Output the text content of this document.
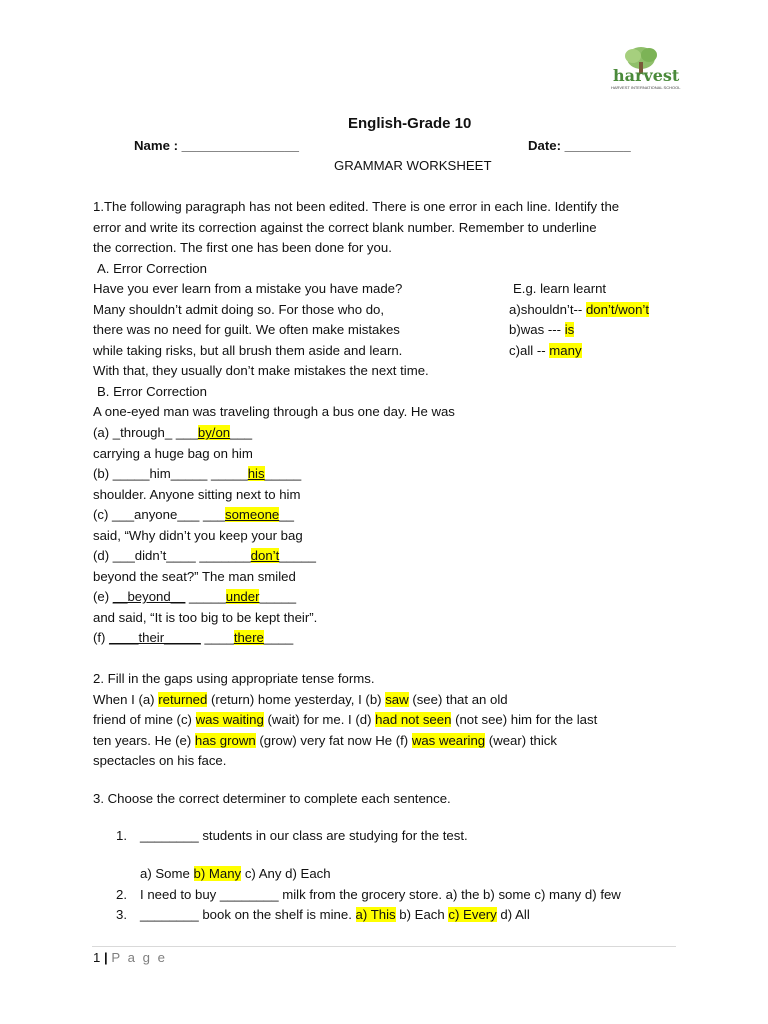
harvest
HARVEST INTERNATIONAL SCHOOL
English-Grade 10
Name : ________________	Date: _________
GRAMMAR WORKSHEET
1.The following paragraph has not been edited. There is one error in each line. Identify the
error and write its correction against the correct blank number. Remember to underline
the correction. The first one has been done for you.
A. Error Correction
Have you ever learn from a mistake you have made?
Many shouldn’t admit doing so. For those who do,
there was no need for guilt. We often make mistakes
while taking risks, but all brush them aside and learn.
With that, they usually don’t make mistakes the next time.
E.g. learn learnt
a)shouldn’t-- don’t/won’t
b)was --- is
c)all -- many
B. Error Correction
A one-eyed man was traveling through a bus one day. He was
(a) _through_ ___by/on___
carrying a huge bag on him
(b) _____him_____ _____his_____
shoulder. Anyone sitting next to him
(c) ___anyone___ ___someone__
said, “Why didn’t you keep your bag
(d) ___didn’t____ _______don’t_____
beyond the seat?” The man smiled
(e) __beyond__ _____under_____
and said, “It is too big to be kept their”.
(f) ____their_____ ____there____
2. Fill in the gaps using appropriate tense forms.
When I (a) returned (return) home yesterday, I (b) saw (see) that an old
friend of mine (c) was waiting (wait) for me. I (d) had not seen (not see) him for the last
ten years. He (e) has grown (grow) very fat now He (f) was wearing (wear) thick
spectacles on his face.
3. Choose the correct determiner to complete each sentence.
1. ________ students in our class are studying for the test.
a) Some b) Many c) Any d) Each
2. I need to buy ________ milk from the grocery store. a) the b) some c) many d) few
3. ________ book on the shelf is mine. a) This b) Each c) Every d) All
1 | P a g e
